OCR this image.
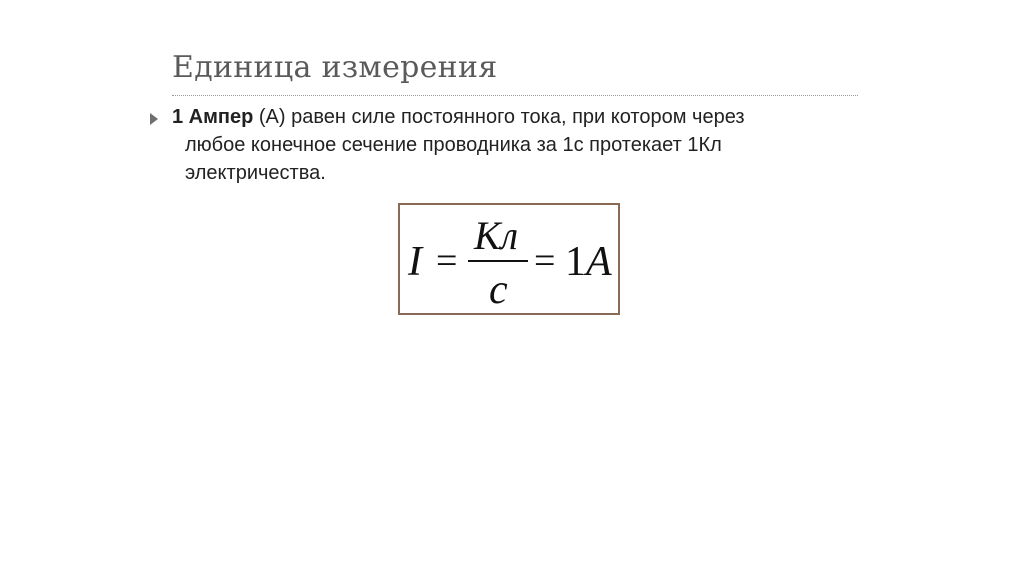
Единица измерения
1 Ампер (А) равен силе постоянного тока, при котором через
любое конечное сечение проводника за 1с протекает 1Кл
электричества.
I =
Кл
с
= 1 A
